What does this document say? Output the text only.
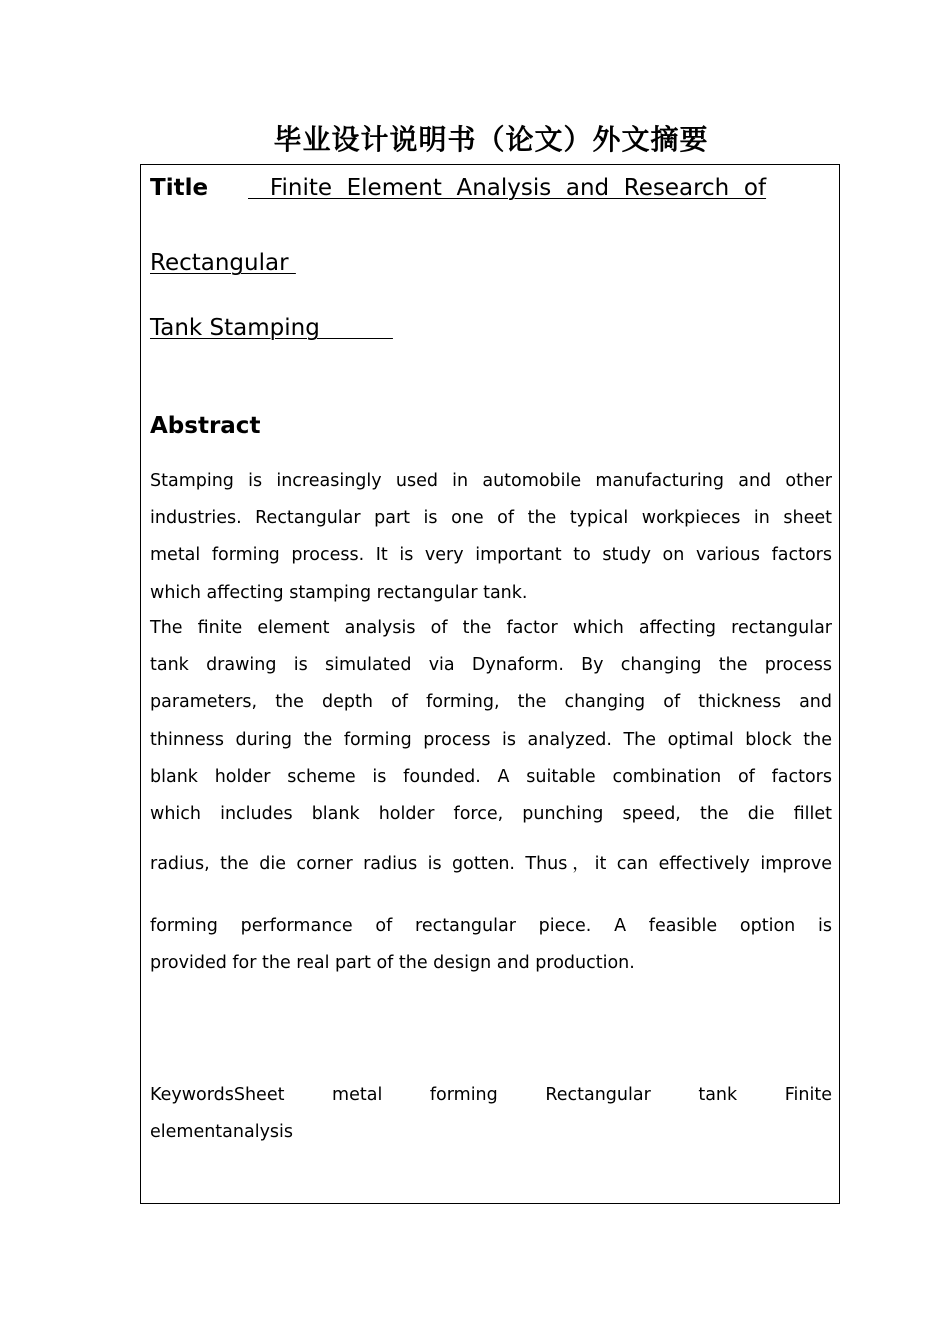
毕业设计说明书（论文）外文摘要
Title Finite  Element  Analysis  and  Research  of
Rectangular
Tank Stamping
Abstract
Stamping is increasingly used in automobile manufacturing and other
industries. Rectangular part is one of the typical workpieces in sheet
metal forming process. It is very important to study on various factors
which affecting stamping rectangular tank.
The finite element analysis of the factor which affecting rectangular
tank drawing is simulated via Dynaform. By changing the process
parameters, the depth of forming, the changing of thickness and
thinness during the forming process is analyzed. The optimal block the
blank holder scheme is founded. A suitable combination of factors
which includes blank holder force, punching speed, the die fillet
radius, the die corner radius is gotten. Thus，it can effectively improve
forming performance of rectangular piece. A feasible option is
provided for the real part of the design and production.
KeywordsSheet	metal	forming	Rectangular	tank	Finite
elementanalysis
